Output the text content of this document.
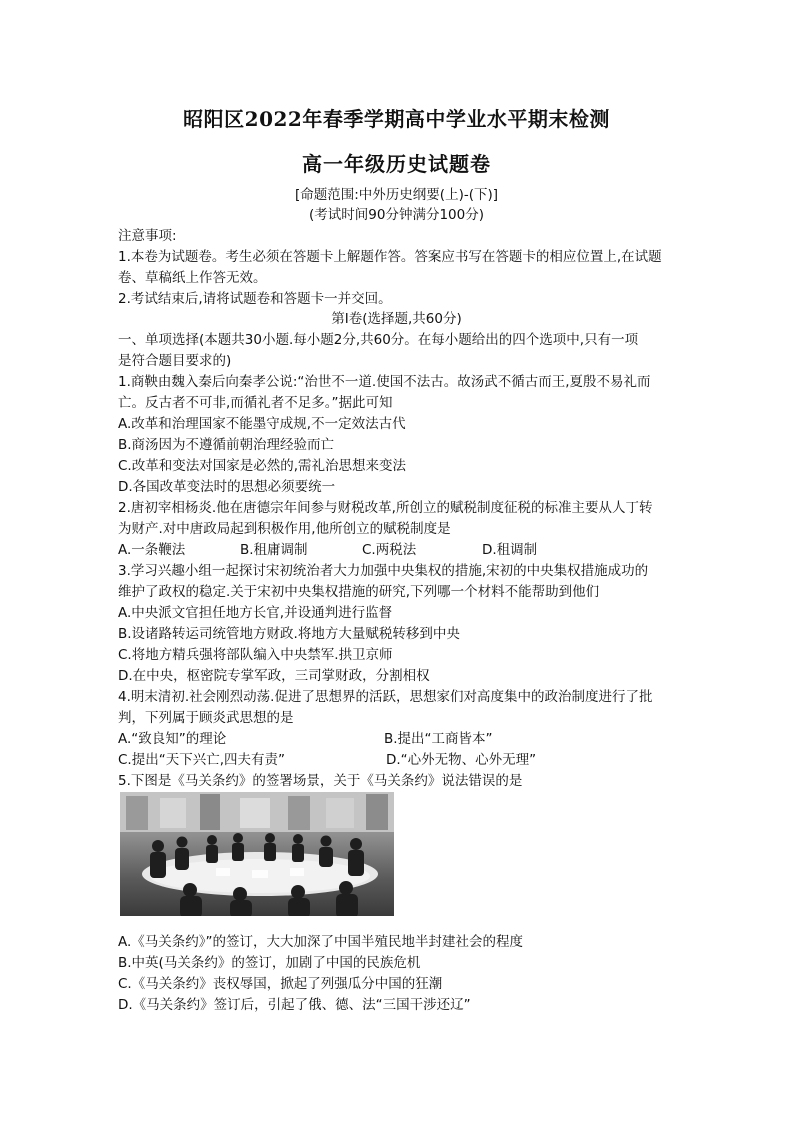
昭阳区2022年春季学期高中学业水平期末检测
高一年级历史试题卷
[命题范围:中外历史纲要(上)-(下)]
(考试时间90分钟满分100分)
注意事项:
1.本卷为试题卷。考生必须在答题卡上解题作答。答案应书写在答题卡的相应位置上,在试题
卷、草稿纸上作答无效。
2.考试结束后,请将试题卷和答题卡一并交回。
第Ⅰ卷(选择题,共60分)
一、单项选择(本题共30小题.每小题2分,共60分。在每小题给出的四个选项中,只有一项
是符合题目要求的)
1.商鞅由魏入秦后向秦孝公说:“治世不一道.使国不法古。故汤武不循古而王,夏殷不易礼而
亡。反古者不可非,而循礼者不足多。”据此可知
A.改革和治理国家不能墨守成规,不一定效法古代
B.商汤因为不遵循前朝治理经验而亡
C.改革和变法对国家是必然的,需礼治思想来变法
D.各国改革变法时的思想必须要统一
2.唐初宰相杨炎.他在唐德宗年间参与财税改革,所创立的赋税制度征税的标准主要从人丁转
为财产.对中唐政局起到积极作用,他所创立的赋税制度是
A.一条鞭法	B.租庸调制	C.两税法	D.租调制
3.学习兴趣小组一起探讨宋初统治者大力加强中央集权的措施,宋初的中央集权措施成功的
维护了政权的稳定.关于宋初中央集权措施的研究,下列哪一个材料不能帮助到他们
A.中央派文官担任地方长官,并设通判进行监督
B.设诸路转运司统管地方财政.将地方大量赋税转移到中央
C.将地方精兵强将部队编入中央禁军.拱卫京师
D.在中央，枢密院专掌军政，三司掌财政，分割相权
4.明末清初.社会刚烈动荡.促进了思想界的活跃，思想家们对高度集中的政治制度进行了批
判，下列属于顾炎武思想的是
A.“致良知”的理论	B.提出“工商皆本”
C.提出“天下兴亡,四夫有责”	D.“心外无物、心外无理”
5.下图是《马关条约》的签署场景，关于《马关条约》说法错误的是
A.《马关条约》”的签订，大大加深了中国半殖民地半封建社会的程度
B.中英(马关条约》的签订，加剧了中国的民族危机
C.《马关条约》丧权辱国，掀起了列强瓜分中国的狂潮
D.《马关条约》签订后，引起了俄、德、法“三国干涉还辽”
